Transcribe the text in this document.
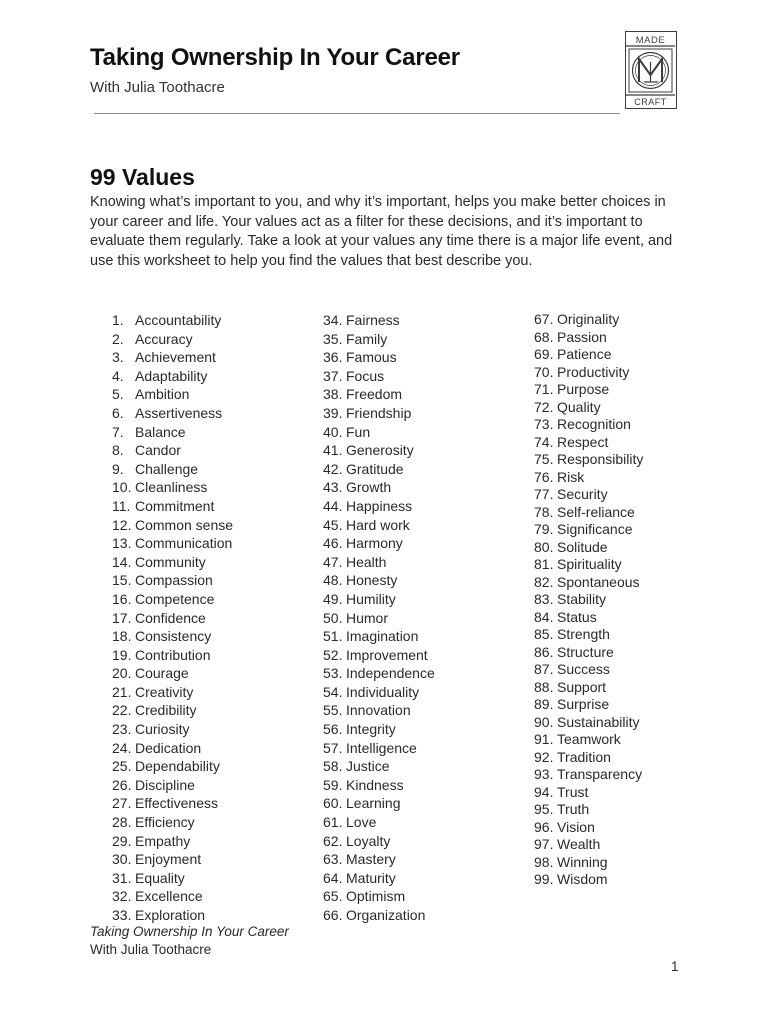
Taking Ownership In Your Career
With Julia Toothacre
MADE
CRAFT
99 Values

Knowing what’s important to you, and why it’s important, helps you make better choices in your career and life. Your values act as a filter for these decisions, and it’s important to evaluate them regularly. Take a look at your values any time there is a major life event, and use this worksheet to help you find the values that best describe you.

1. Accountability
2. Accuracy
3. Achievement
4. Adaptability
5. Ambition
6. Assertiveness
7. Balance
8. Candor
9. Challenge
10. Cleanliness
11. Commitment
12. Common sense
13. Communication
14. Community
15. Compassion
16. Competence
17. Confidence
18. Consistency
19. Contribution
20. Courage
21. Creativity
22. Credibility
23. Curiosity
24. Dedication
25. Dependability
26. Discipline
27. Effectiveness
28. Efficiency
29. Empathy
30. Enjoyment
31. Equality
32. Excellence
33. Exploration
34. Fairness
35. Family
36. Famous
37. Focus
38. Freedom
39. Friendship
40. Fun
41. Generosity
42. Gratitude
43. Growth
44. Happiness
45. Hard work
46. Harmony
47. Health
48. Honesty
49. Humility
50. Humor
51. Imagination
52. Improvement
53. Independence
54. Individuality
55. Innovation
56. Integrity
57. Intelligence
58. Justice
59. Kindness
60. Learning
61. Love
62. Loyalty
63. Mastery
64. Maturity
65. Optimism
66. Organization
67. Originality
68. Passion
69. Patience
70. Productivity
71. Purpose
72. Quality
73. Recognition
74. Respect
75. Responsibility
76. Risk
77. Security
78. Self-reliance
79. Significance
80. Solitude
81. Spirituality
82. Spontaneous
83. Stability
84. Status
85. Strength
86. Structure
87. Success
88. Support
89. Surprise
90. Sustainability
91. Teamwork
92. Tradition
93. Transparency
94. Trust
95. Truth
96. Vision
97. Wealth
98. Winning
99. Wisdom
Taking Ownership In Your Career
With Julia Toothacre
1
